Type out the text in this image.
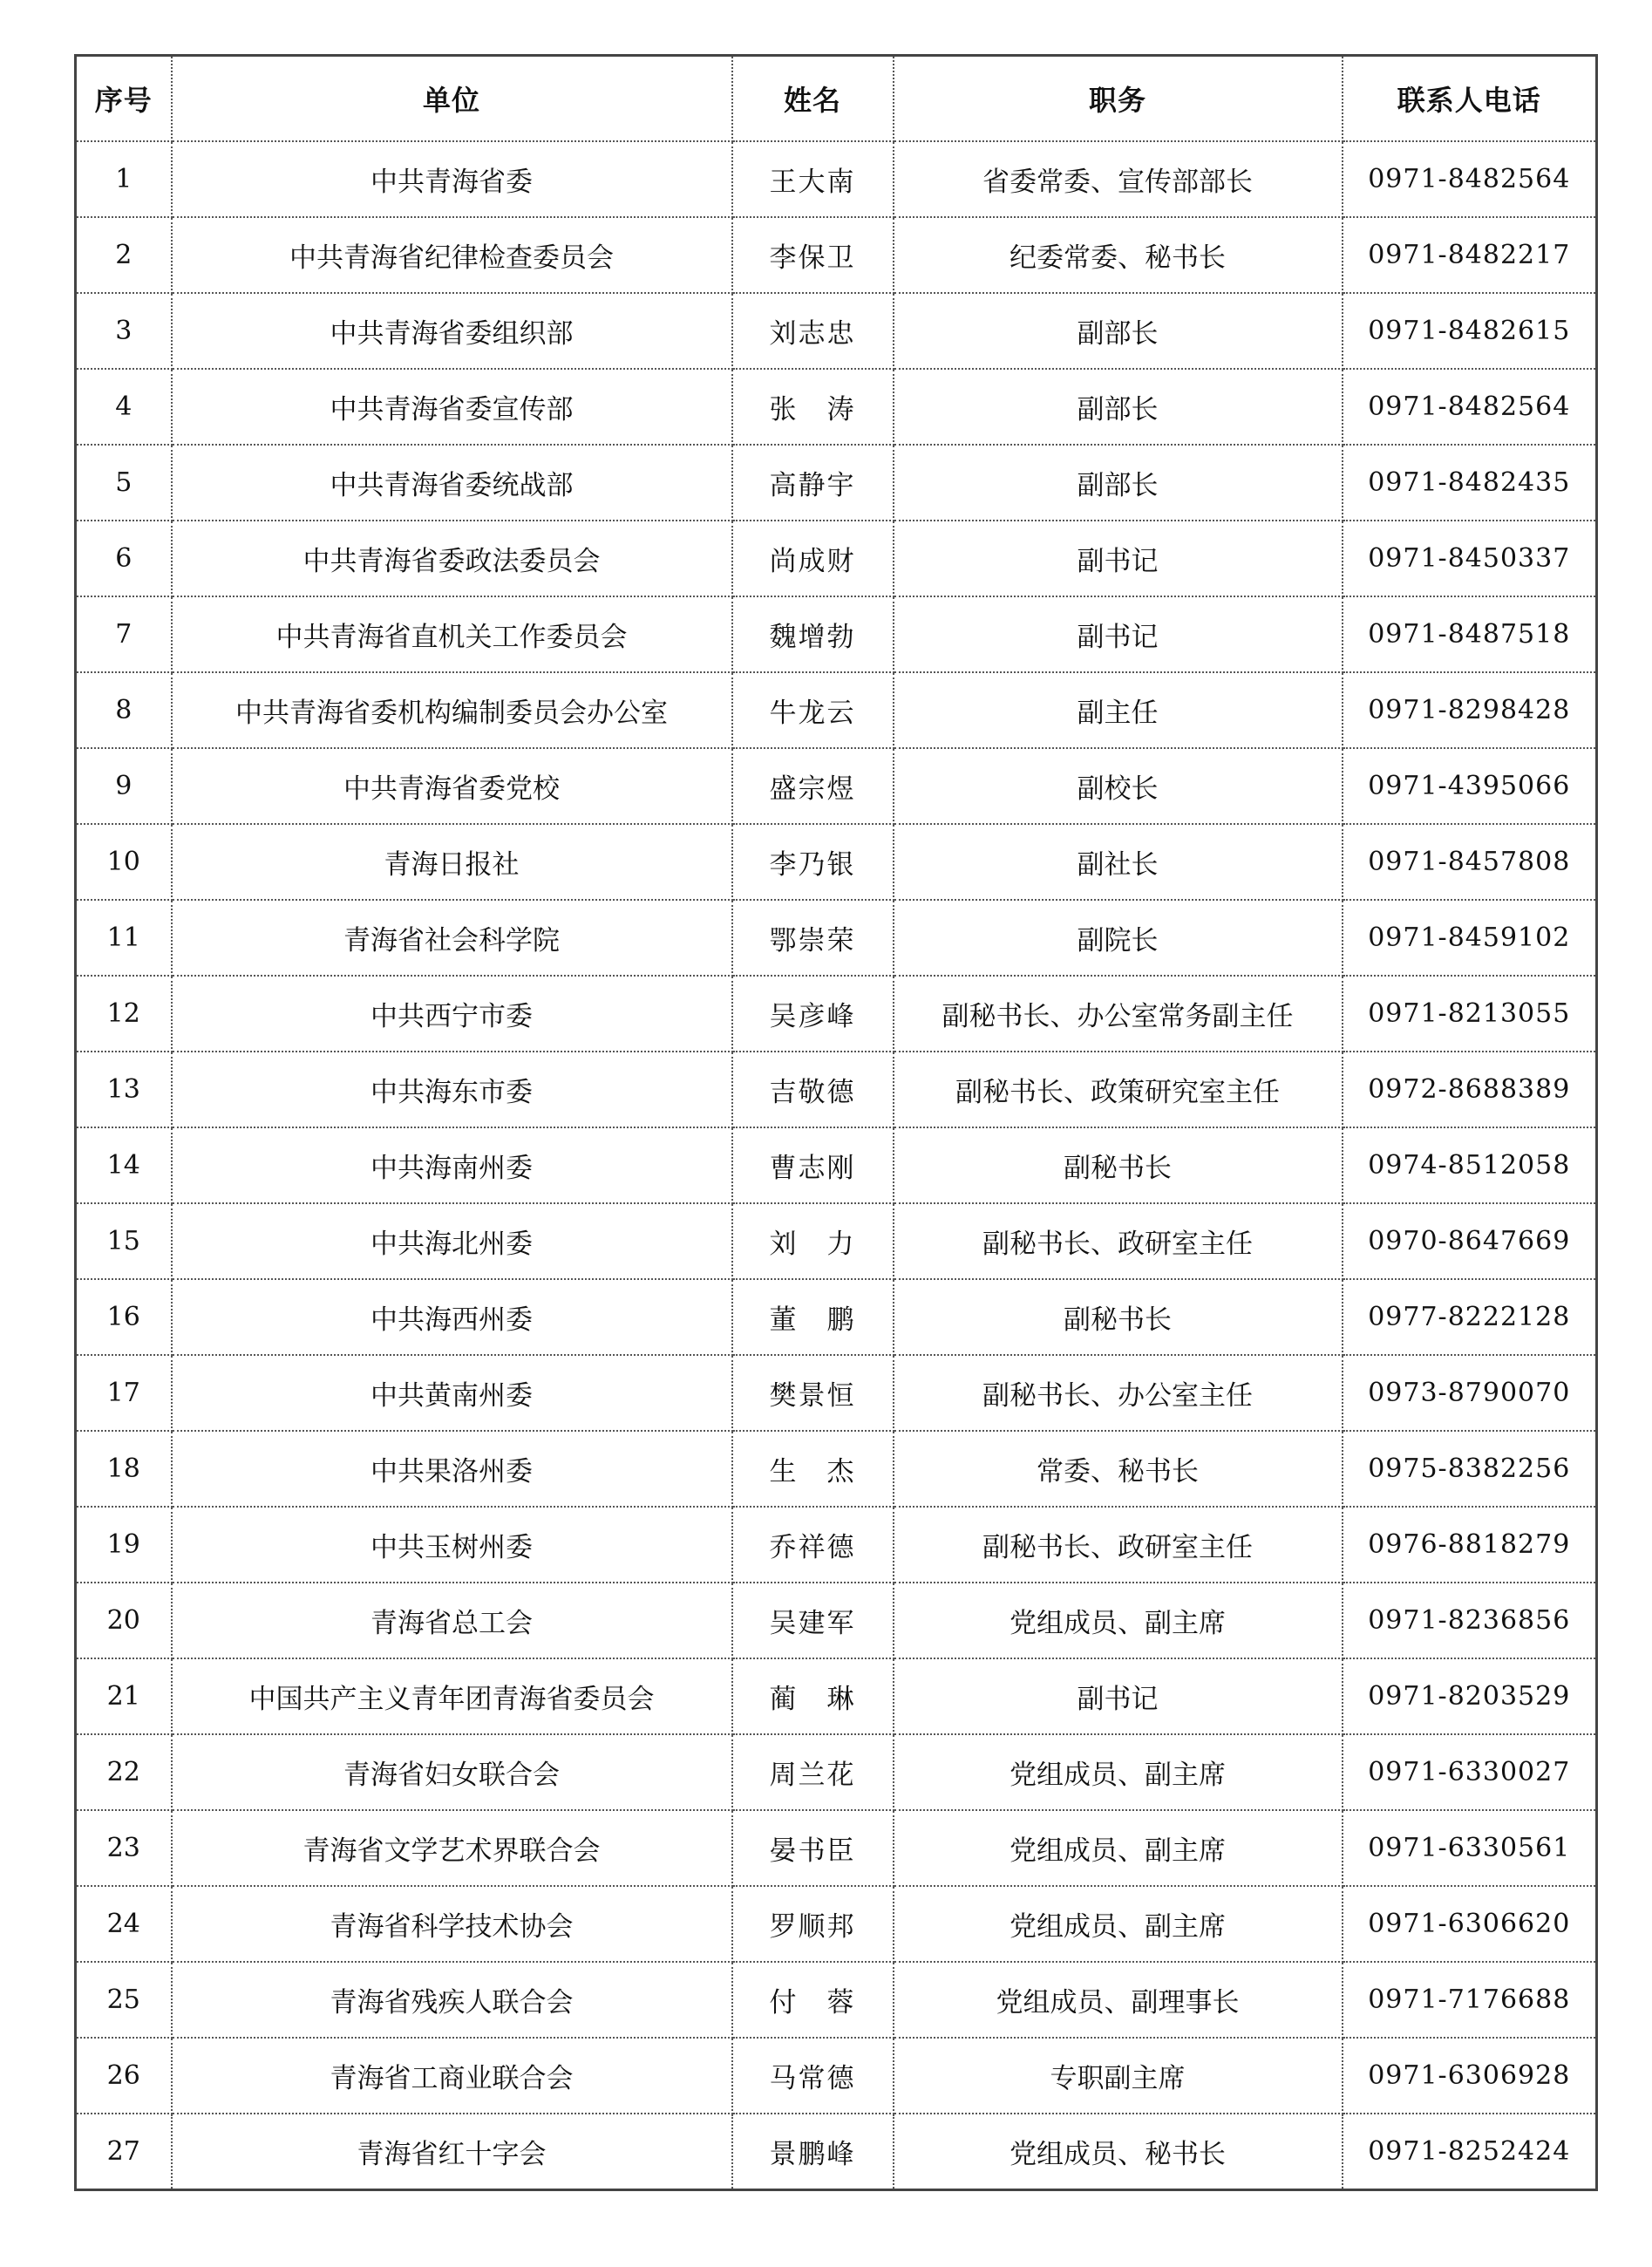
序号	单位	姓名	职务	联系人电话
1	中共青海省委	王大南	省委常委、宣传部部长	0971-8482564
2	中共青海省纪律检查委员会	李保卫	纪委常委、秘书长	0971-8482217
3	中共青海省委组织部	刘志忠	副部长	0971-8482615
4	中共青海省委宣传部	张　涛	副部长	0971-8482564
5	中共青海省委统战部	高静宇	副部长	0971-8482435
6	中共青海省委政法委员会	尚成财	副书记	0971-8450337
7	中共青海省直机关工作委员会	魏增勃	副书记	0971-8487518
8	中共青海省委机构编制委员会办公室	牛龙云	副主任	0971-8298428
9	中共青海省委党校	盛宗煜	副校长	0971-4395066
10	青海日报社	李乃银	副社长	0971-8457808
11	青海省社会科学院	鄂崇荣	副院长	0971-8459102
12	中共西宁市委	吴彦峰	副秘书长、办公室常务副主任	0971-8213055
13	中共海东市委	吉敬德	副秘书长、政策研究室主任	0972-8688389
14	中共海南州委	曹志刚	副秘书长	0974-8512058
15	中共海北州委	刘　力	副秘书长、政研室主任	0970-8647669
16	中共海西州委	董　鹏	副秘书长	0977-8222128
17	中共黄南州委	樊景恒	副秘书长、办公室主任	0973-8790070
18	中共果洛州委	生　杰	常委、秘书长	0975-8382256
19	中共玉树州委	乔祥德	副秘书长、政研室主任	0976-8818279
20	青海省总工会	吴建军	党组成员、副主席	0971-8236856
21	中国共产主义青年团青海省委员会	蔺　琳	副书记	0971-8203529
22	青海省妇女联合会	周兰花	党组成员、副主席	0971-6330027
23	青海省文学艺术界联合会	晏书臣	党组成员、副主席	0971-6330561
24	青海省科学技术协会	罗顺邦	党组成员、副主席	0971-6306620
25	青海省残疾人联合会	付　蓉	党组成员、副理事长	0971-7176688
26	青海省工商业联合会	马常德	专职副主席	0971-6306928
27	青海省红十字会	景鹏峰	党组成员、秘书长	0971-8252424
